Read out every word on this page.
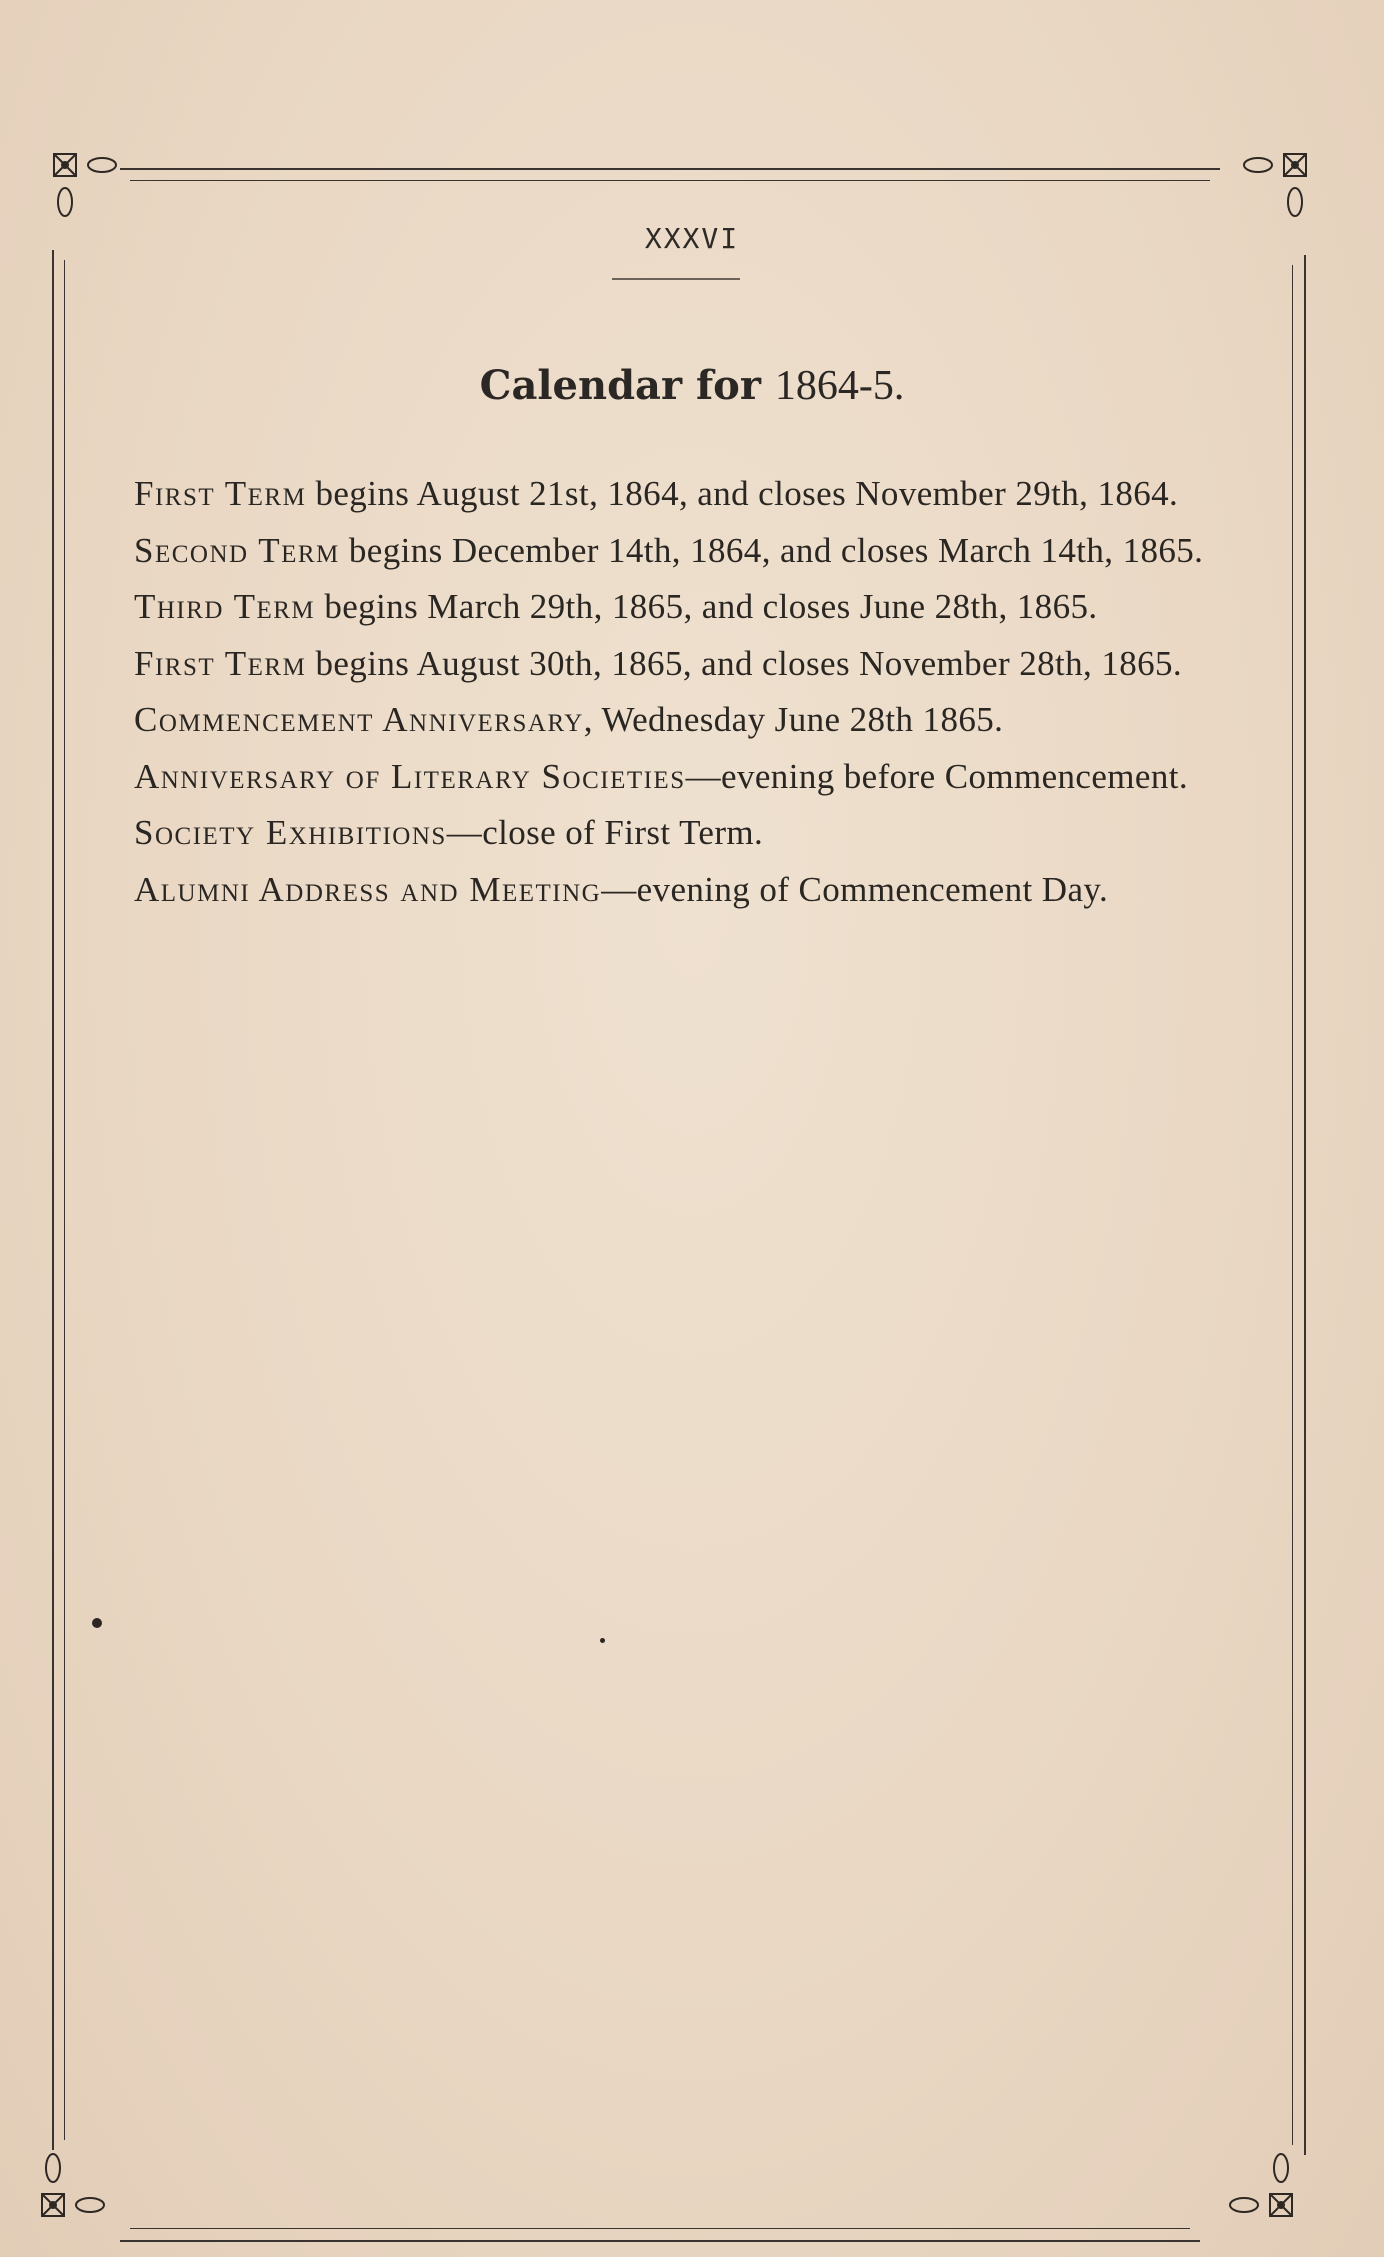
XXXVI
Calendar for 1864-5.

First Term begins August 21st, 1864, and closes November 29th, 1864.

Second Term begins December 14th, 1864, and closes March 14th, 1865.

Third Term begins March 29th, 1865, and closes June 28th, 1865.

First Term begins August 30th, 1865, and closes November 28th, 1865.

Commencement Anniversary, Wednesday June 28th 1865.

Anniversary of Literary Societies—evening before Commencement.

Society Exhibitions—close of First Term.

Alumni Address and Meeting—evening of Commencement Day.
